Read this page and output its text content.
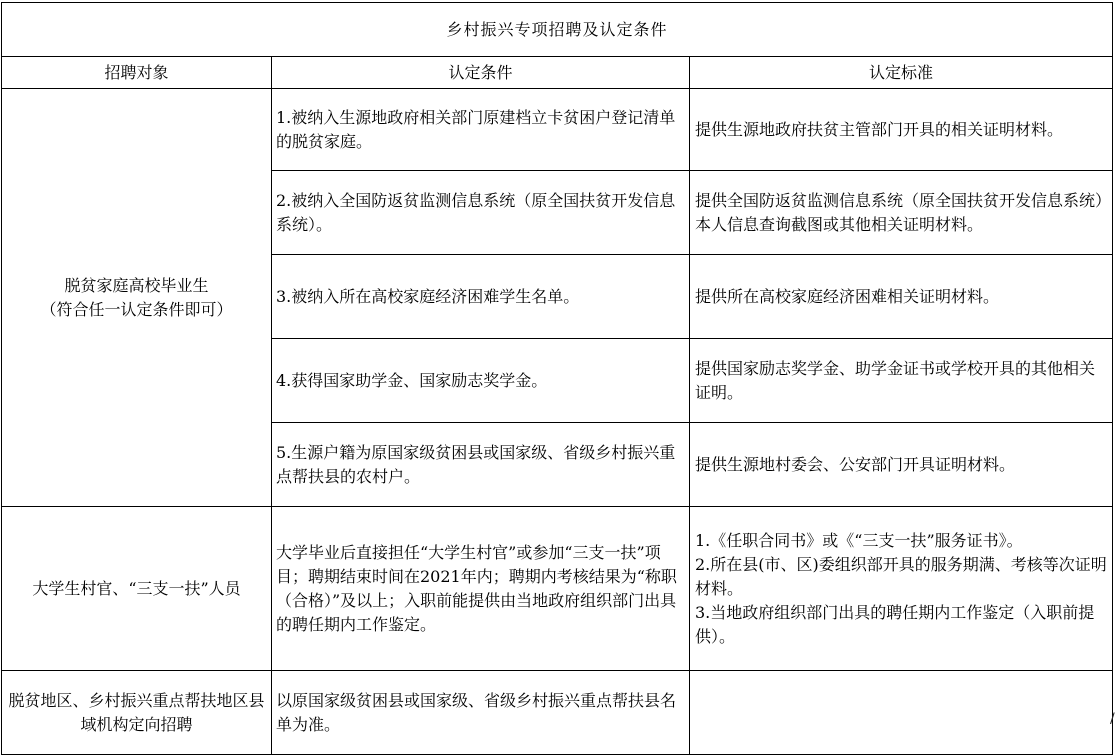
乡村振兴专项招聘及认定条件		
招聘对象	认定条件	认定标准

脱贫家庭高校毕业生
（符合任一认定条件即可）	1.被纳入生源地政府相关部门原建档立卡贫困户登记清单的脱贫家庭。	提供生源地政府扶贫主管部门开具的相关证明材料。
	2.被纳入全国防返贫监测信息系统（原全国扶贫开发信息系统）。	提供全国防返贫监测信息系统（原全国扶贫开发信息系统）本人信息查询截图或其他相关证明材料。
	3.被纳入所在高校家庭经济困难学生名单。	提供所在高校家庭经济困难相关证明材料。
	4.获得国家助学金、国家励志奖学金。	提供国家励志奖学金、助学金证书或学校开具的其他相关证明。
	5.生源户籍为原国家级贫困县或国家级、省级乡村振兴重点帮扶县的农村户。	提供生源地村委会、公安部门开具证明材料。
大学生村官、“三支一扶”人员	大学毕业后直接担任“大学生村官”或参加“三支一扶”项目；聘期结束时间在2021年内；聘期内考核结果为“称职（合格）”及以上；入职前能提供由当地政府组织部门出具的聘任期内工作鉴定。	1.《任职合同书》或《“三支一扶”服务证书》。
2.所在县(市、区)委组织部开具的服务期满、考核等次证明材料。
3.当地政府组织部门出具的聘任期内工作鉴定（入职前提供）。

脱贫地区、乡村振兴重点帮扶地区县域机构定向招聘	以原国家级贫困县或国家级、省级乡村振兴重点帮扶县名单为准。	/
